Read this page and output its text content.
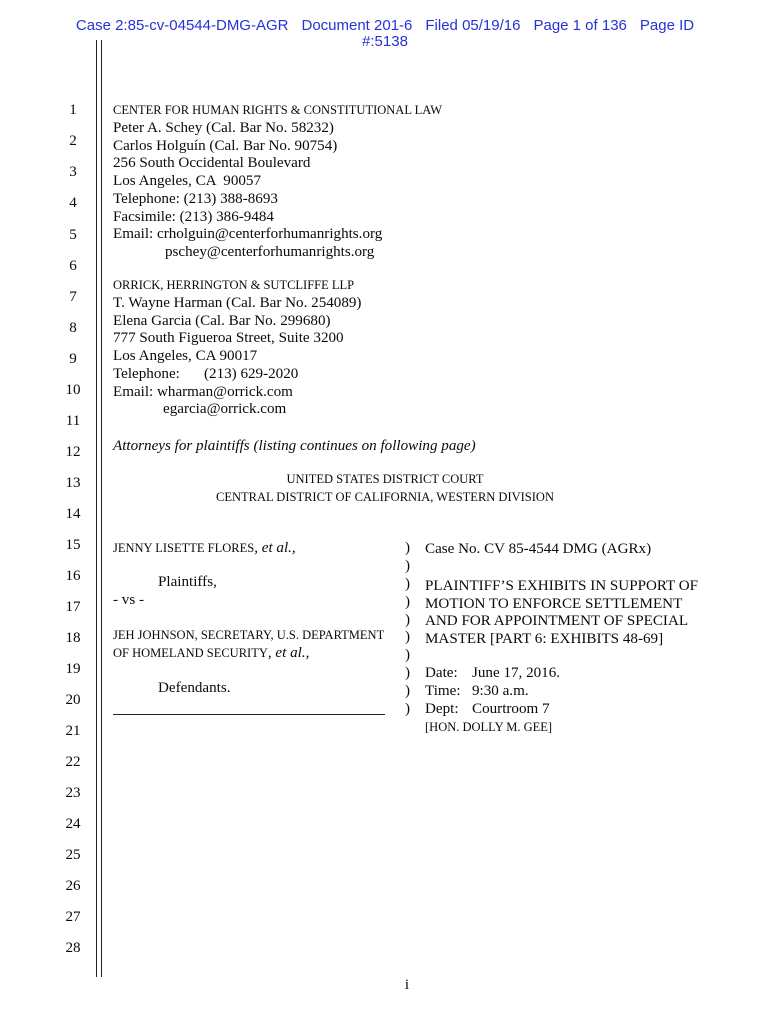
Case 2:85-cv-04544-DMG-AGR Document 201-6 Filed 05/19/16 Page 1 of 136 Page ID
#:5138
1
2
3
4
5
6
7
8
9
10
11
12
13
14
15
16
17
18
19
20
21
22
23
24
25
26
27
28
CENTER FOR HUMAN RIGHTS & CONSTITUTIONAL LAW
Peter A. Schey (Cal. Bar No. 58232)
Carlos Holguín (Cal. Bar No. 90754)
256 South Occidental Boulevard
Los Angeles, CA  90057
Telephone: (213) 388-8693
Facsimile: (213) 386-9484
Email: crholguin@centerforhumanrights.org
pschey@centerforhumanrights.org
ORRICK, HERRINGTON & SUTCLIFFE LLP
T. Wayne Harman (Cal. Bar No. 254089)
Elena Garcia (Cal. Bar No. 299680)
777 South Figueroa Street, Suite 3200
Los Angeles, CA 90017
Telephone: (213) 629-2020
Email: wharman@orrick.com
egarcia@orrick.com
Attorneys for plaintiffs (listing continues on following page)
UNITED STATES DISTRICT COURT
CENTRAL DISTRICT OF CALIFORNIA, WESTERN DIVISION
JENNY LISETTE FLORES, et al.,
Plaintiffs,
- vs -
JEH JOHNSON, SECRETARY, U.S. DEPARTMENT
OF HOMELAND SECURITY, et al.,
Defendants.
)
)
)
)
)
)
)
)
)
)
Case No. CV 85-4544 DMG (AGRx)
PLAINTIFF’S EXHIBITS IN SUPPORT OF
MOTION TO ENFORCE SETTLEMENT
AND FOR APPOINTMENT OF SPECIAL
MASTER [PART 6: EXHIBITS 48-69]
Date: June 17, 2016.
Time: 9:30 a.m.
Dept: Courtroom 7
[HON. DOLLY M. GEE]
i
